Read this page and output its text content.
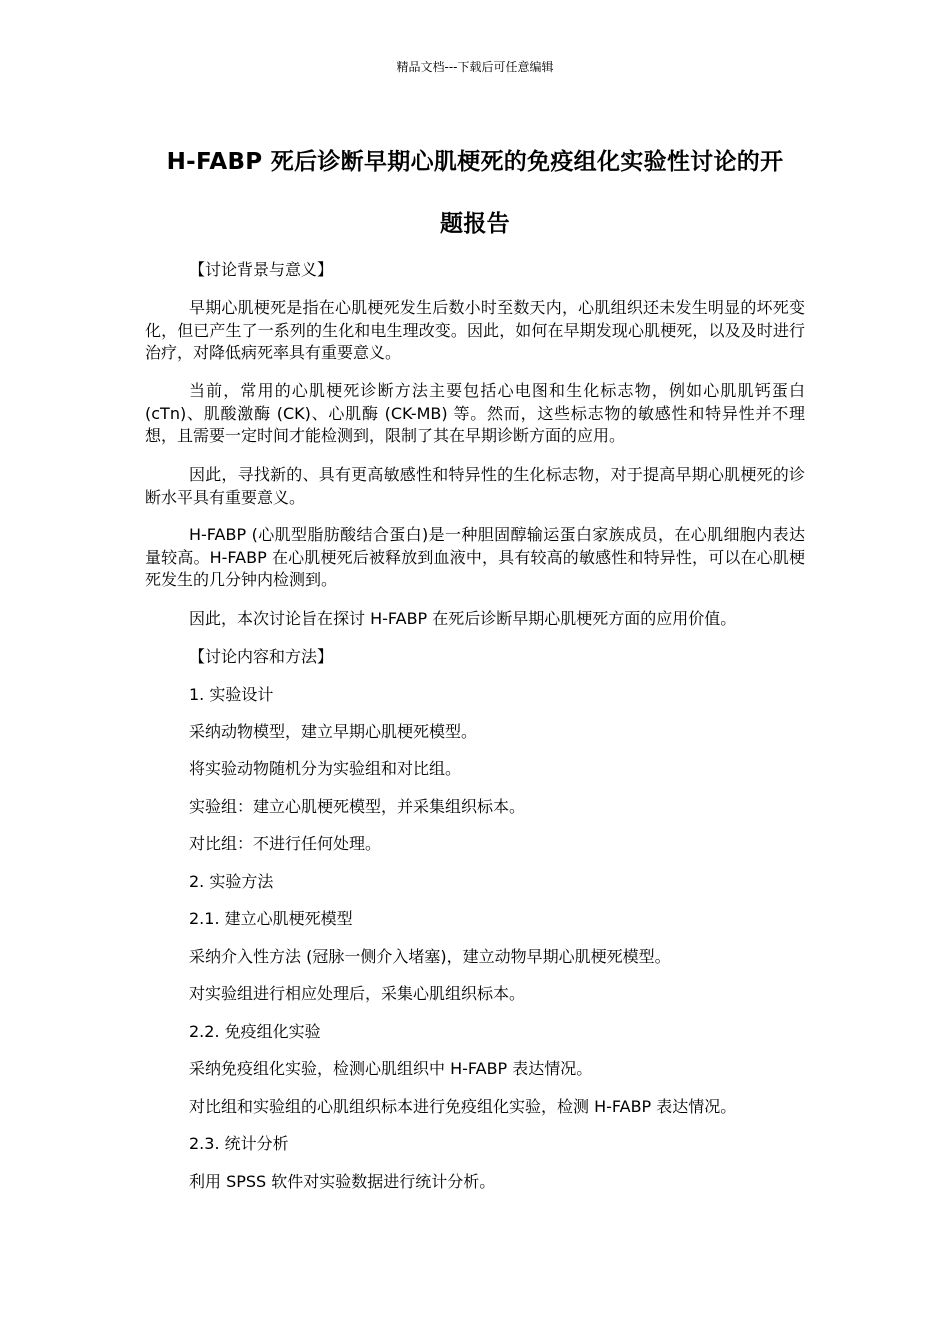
精品文档---下载后可任意编辑
H-FABP 死后诊断早期心肌梗死的免疫组化实验性讨论的开
题报告

【讨论背景与意义】

早期心肌梗死是指在心肌梗死发生后数小时至数天内，心肌组织还未发生明显的坏死变化，但已产生了一系列的生化和电生理改变。因此，如何在早期发现心肌梗死，以及及时进行治疗，对降低病死率具有重要意义。

当前，常用的心肌梗死诊断方法主要包括心电图和生化标志物，例如心肌肌钙蛋白 (cTn)、肌酸激酶 (CK)、心肌酶 (CK-MB) 等。然而，这些标志物的敏感性和特异性并不理想，且需要一定时间才能检测到，限制了其在早期诊断方面的应用。

因此，寻找新的、具有更高敏感性和特异性的生化标志物，对于提高早期心肌梗死的诊断水平具有重要意义。

H-FABP (心肌型脂肪酸结合蛋白)是一种胆固醇输运蛋白家族成员，在心肌细胞内表达量较高。H-FABP 在心肌梗死后被释放到血液中，具有较高的敏感性和特异性，可以在心肌梗死发生的几分钟内检测到。

因此，本次讨论旨在探讨 H-FABP 在死后诊断早期心肌梗死方面的应用价值。

【讨论内容和方法】

1. 实验设计

采纳动物模型，建立早期心肌梗死模型。

将实验动物随机分为实验组和对比组。

实验组：建立心肌梗死模型，并采集组织标本。

对比组：不进行任何处理。

2. 实验方法

2.1. 建立心肌梗死模型

采纳介入性方法 (冠脉一侧介入堵塞)，建立动物早期心肌梗死模型。

对实验组进行相应处理后，采集心肌组织标本。

2.2. 免疫组化实验

采纳免疫组化实验，检测心肌组织中 H-FABP 表达情况。

对比组和实验组的心肌组织标本进行免疫组化实验，检测 H-FABP 表达情况。

2.3. 统计分析

利用 SPSS 软件对实验数据进行统计分析。
